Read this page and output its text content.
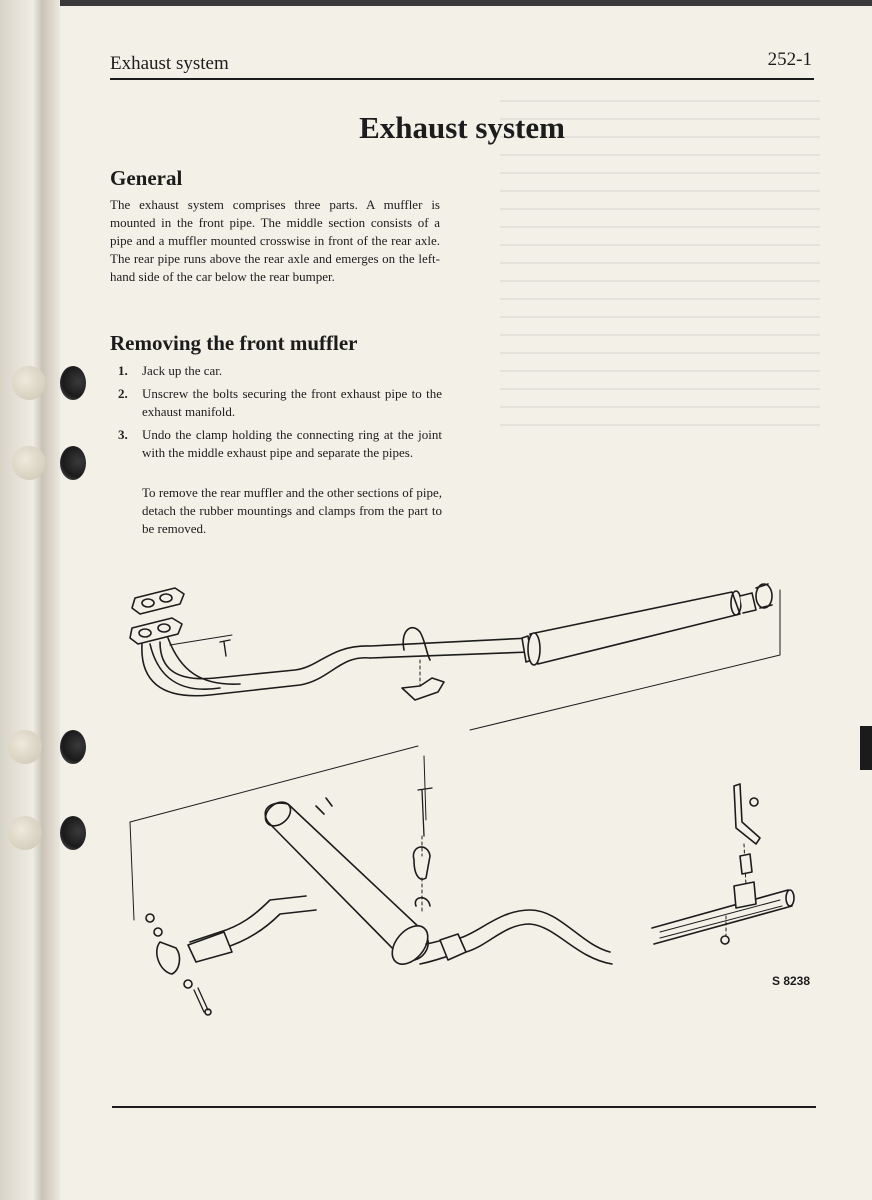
Exhaust system	252-1
Exhaust system
General

The exhaust system comprises three parts. A muffler is mounted in the front pipe. The middle section consists of a pipe and a muffler mounted crosswise in front of the rear axle. The rear pipe runs above the rear axle and emerges on the left-hand side of the car below the rear bumper.

Removing the front muffler
1. Jack up the car.
2. Unscrew the bolts securing the front exhaust pipe to the exhaust manifold.
3. Undo the clamp holding the connecting ring at the joint with the middle exhaust pipe and separate the pipes.

To remove the rear muffler and the other sections of pipe, detach the rubber mountings and clamps from the part to be removed.

S 8238
